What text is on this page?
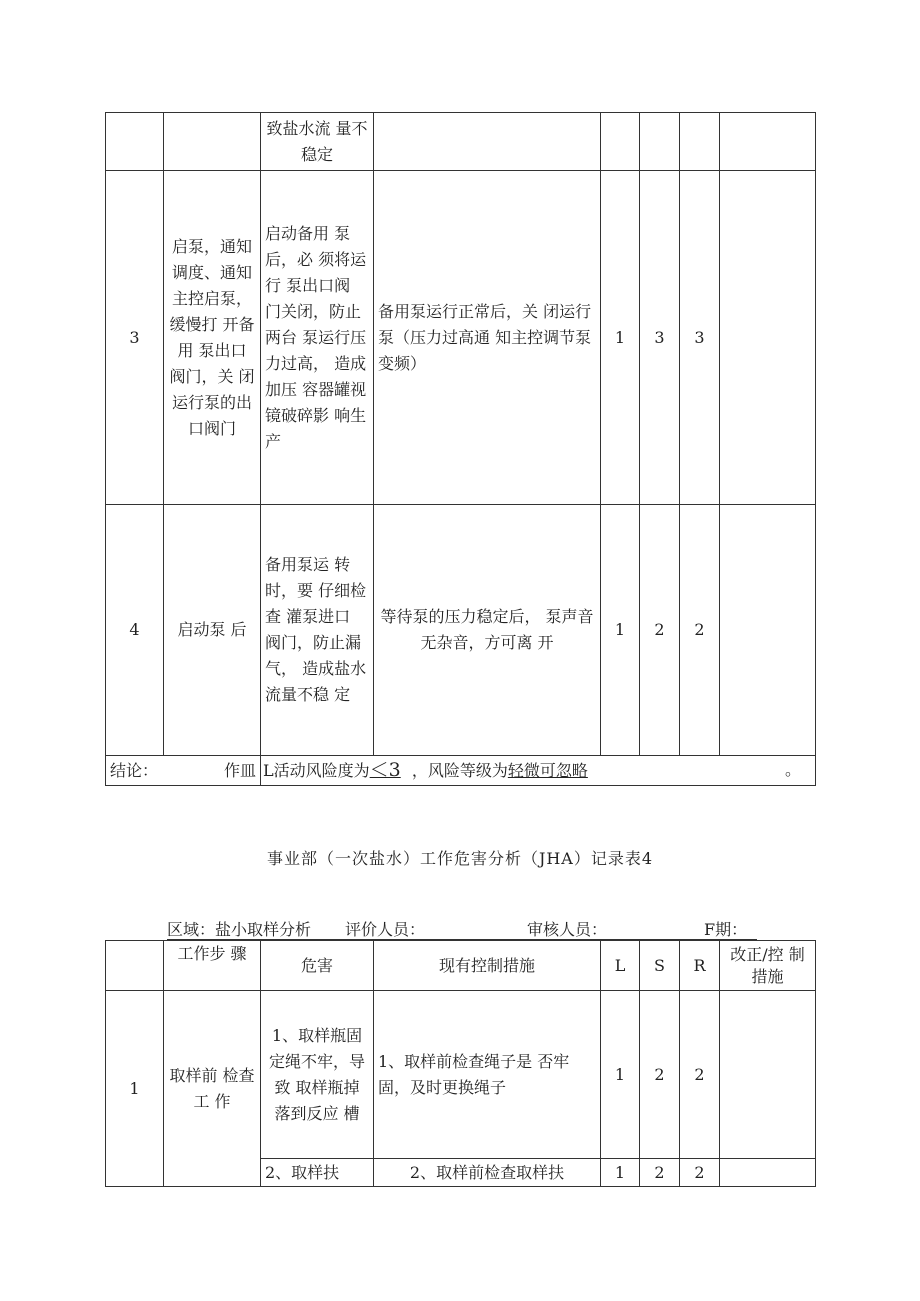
		致盐水流 量不稳定					
3	启泵，通知调度、通知主控启泵，缓慢打 开备用 泵出口 阀门，关 闭运行泵的出 口阀门	启动备用 泵后，必 须将运行 泵出口阀 门关闭，防止两台 泵运行压 力过高， 造成加压 容器罐视镜破碎影 响生产	备用泵运行正常后，关 闭运行泵（压力过高通 知主控调节泵变频）	1	3	3	
4	启动泵 后	备用泵运 转时，要 仔细检查 灌泵进口 阀门，防止漏气， 造成盐水 流量不稳 定	等待泵的压力稳定后， 泵声音无杂音，方可离 开	1	2	2	
结论： 作皿		L活动风险度为＜3 ，风险等级为轻微可忽略 。					
事业部（一次盐水）工作危害分析（JHA）记录表4
区域：盐小取样分析 评价人员：	审核人员：	F期：
	工作步 骤	危害	现有控制措施	L	S	R	改正/控 制措施
1	取样前 检查工 作	1、取样瓶固定绳不牢，导致 取样瓶掉 落到反应 槽	1、取样前检查绳子是 否牢固，及时更换绳子	1	2	2	
		2、取样扶	2、取样前检查取样扶	1	2	2	
